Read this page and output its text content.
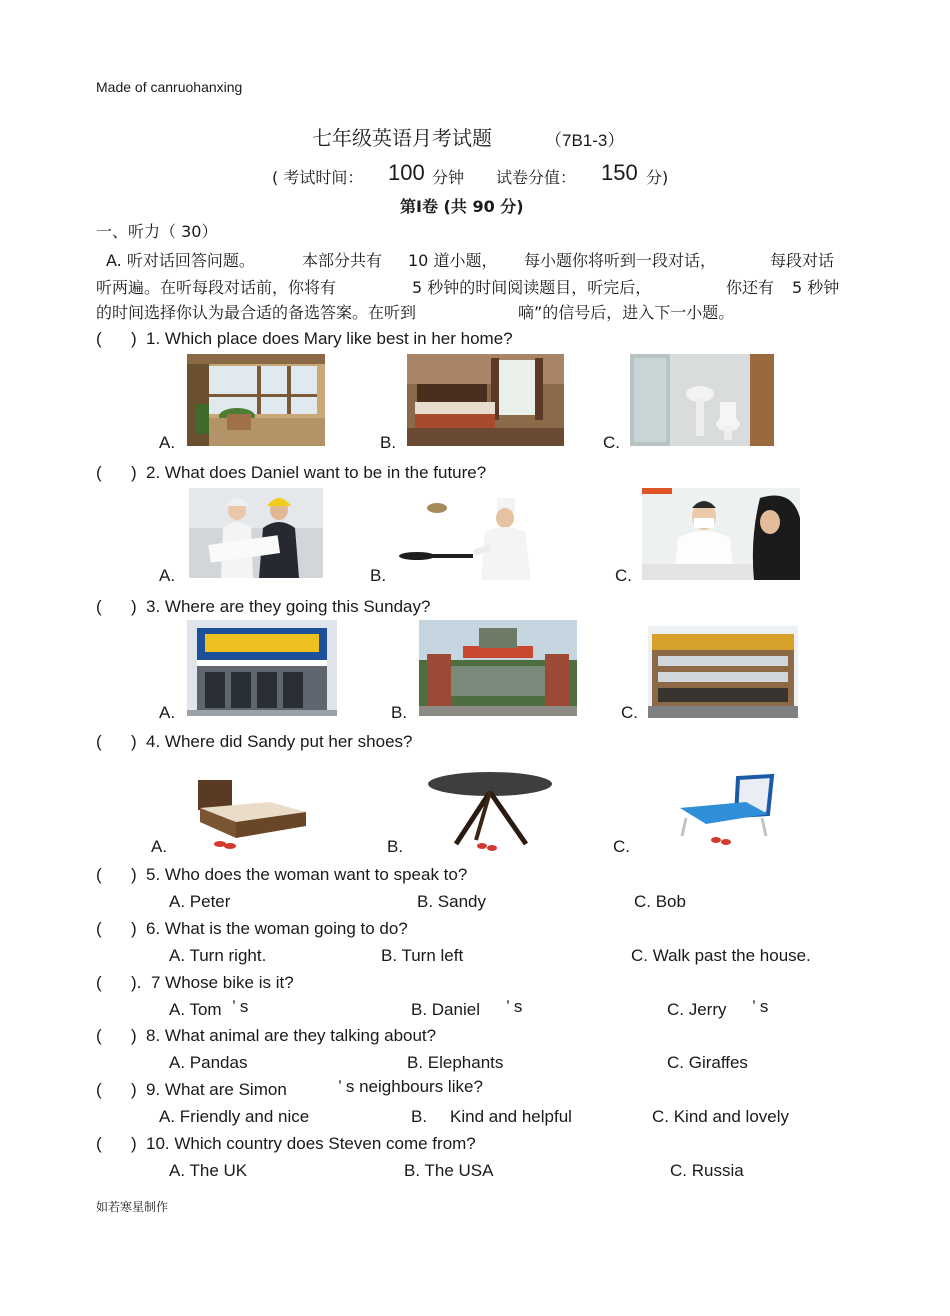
Made of canruohanxing
七年级英语月考试题	（7B1-3）
( 考试时间： 100 分钟 试卷分值： 150 分)
第Ⅰ卷 (共 90 分)
一、听力（ 30）
A. 听对话回答问题。	本部分共有 10 道小题， 每小题你将听到一段对话，	每段对话
听两遍。在听每段对话前，你将有	5 秒钟的时间阅读题目，听完后，	你还有 5 秒钟
的时间选择你认为最合适的备选答案。在听到	嘀”的信号后，进入下一小题。
( ) 1. Which place does Mary like best in her home?
A.	B.	C.
( ) 2. What does Daniel want to be in the future?
A.	B.	C.
( ) 3. Where are they going this Sunday?
A.	B.	C.
( ) 4. Where did Sandy put her shoes?
A.	B.	C.
( ) 5. Who does the woman want to speak to?
A. Peter	B. Sandy	C. Bob
( ) 6. What is the woman going to do?
A. Turn right.	B. Turn left	C. Walk past the house.
( ). 7 Whose bike is it?
A. Tom ’ s	B. Daniel ’ s	C. Jerry ’ s
( ) 8. What animal are they talking about?
A. Pandas	B. Elephants	C. Giraffes
( ) 9. What are Simon	’ s neighbours like?
A. Friendly and nice	B. Kind and helpful	C. Kind and lovely
( ) 10. Which country does Steven come from?
A. The UK	B. The USA	C. Russia
如若寒星制作
